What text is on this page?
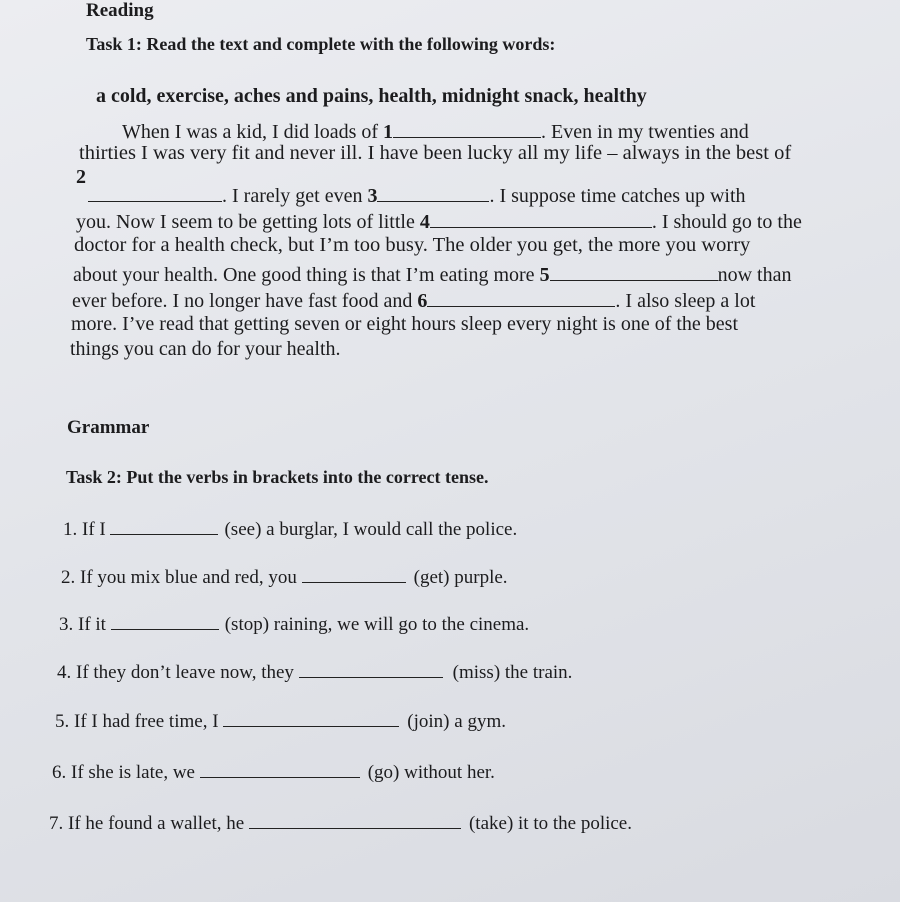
Reading
Task 1: Read the text and complete with the following words:
a cold, exercise, aches and pains, health, midnight snack, healthy
When I was a kid, I did loads of 1	. Even in my twenties and
thirties I was very fit and never ill. I have been lucky all my life – always in the best of
2
. I rarely get even 3	. I suppose time catches up with
you. Now I seem to be getting lots of little 4	. I should go to the
doctor for a health check, but I’m too busy. The older you get, the more you worry
about your health. One good thing is that I’m eating more 5	now than
ever before. I no longer have fast food and 6	. I also sleep a lot
more. I’ve read that getting seven or eight hours sleep every night is one of the best
things you can do for your health.
Grammar
Task 2: Put the verbs in brackets into the correct tense.
1. If I	(see) a burglar, I would call the police.
2. If you mix blue and red, you	(get) purple.
3. If it	(stop) raining, we will go to the cinema.
4. If they don’t leave now, they	(miss) the train.
5. If I had free time, I	(join) a gym.
6. If she is late, we	(go) without her.
7. If he found a wallet, he	(take) it to the police.
